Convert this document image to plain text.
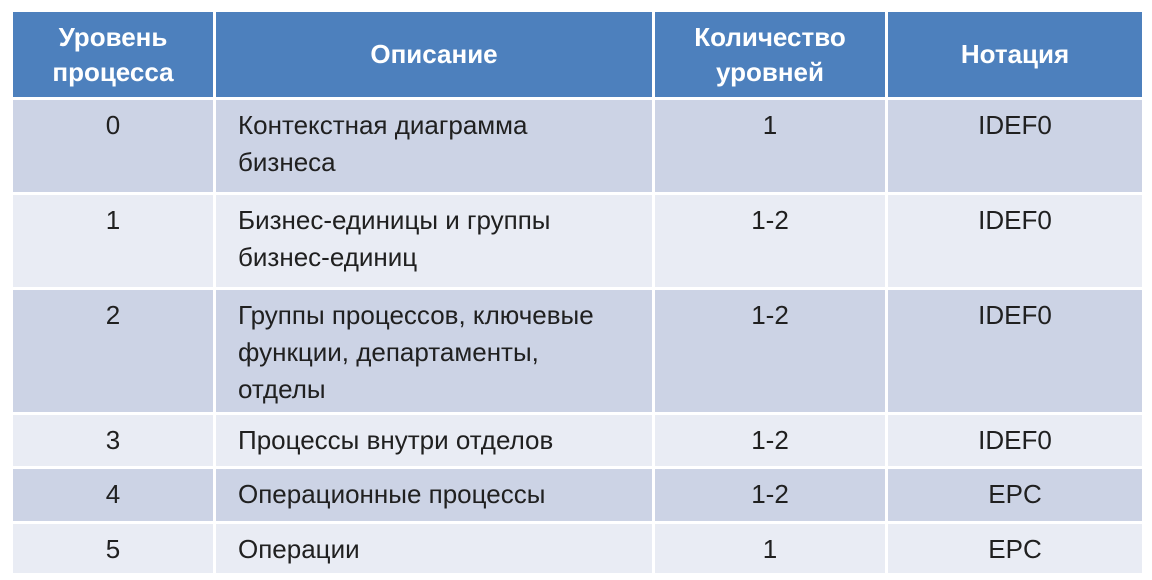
Уровень процесса	Описание	Количество уровней	Нотация
0	Контекстная диаграмма бизнеса	1	IDEF0
1	Бизнес-единицы и группы бизнес-единиц	1-2	IDEF0
2	Группы процессов, ключевые функции, департаменты, отделы	1-2	IDEF0
3	Процессы внутри отделов	1-2	IDEF0
4	Операционные процессы	1-2	EPC
5	Операции	1	EPC
